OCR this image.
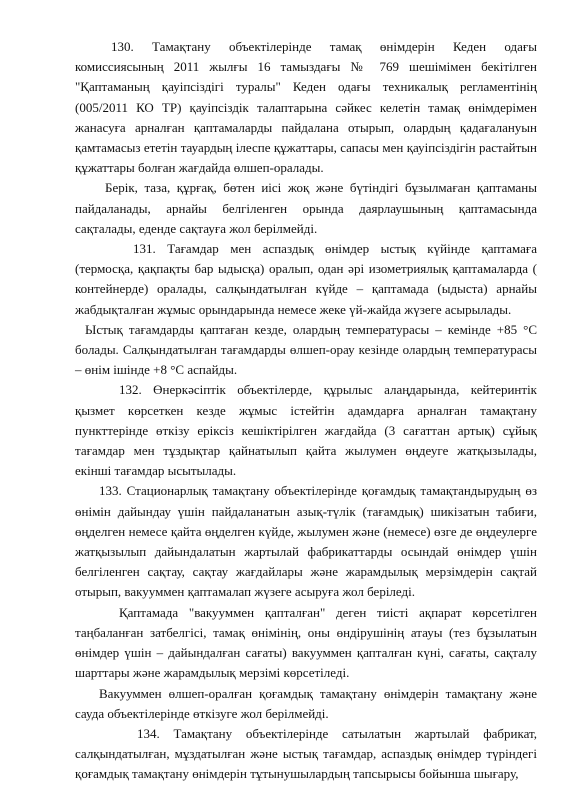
130. Тамақтану объектілерінде тамақ өнімдерін Кеден одағы комиссиясының 2011 жылғы 16 тамыздағы № 769 шешімімен бекітілген "Қаптаманың қауіпсіздігі туралы" Кеден одағы техникалық регламентінің (005/2011 КО ТР) қауіпсіздік талаптарына сәйкес келетін тамақ өнімдерімен жанасуға арналған қаптамаларды пайдалана отырып, олардың қадағалануын қамтамасыз ететін тауардың ілеспе құжаттары, сапасы мен қауіпсіздігін растайтын құжаттары болған жағдайда өлшеп-оралады.

Берік, таза, құрғақ, бөтен иісі жоқ және бүтіндігі бұзылмаған қаптаманы пайдаланады, арнайы белгіленген орында даярлаушының қаптамасында сақталады, еденде сақтауға жол берілмейді.

131. Тағамдар мен аспаздық өнімдер ыстық күйінде қаптамаға (термосқа, қақпақты бар ыдысқа) оралып, одан әрі изометриялық қаптамаларда ( контейнерде) оралады, салқындатылған күйде – қаптамада (ыдыста) арнайы жабдықталған жұмыс орындарында немесе жеке үй-жайда жүзеге асырылады.

Ыстық тағамдарды қаптаған кезде, олардың температурасы – кемінде +85 °С болады. Салқындатылған тағамдарды өлшеп-орау кезінде олардың температурасы – өнім ішінде +8 °С аспайды.

132. Өнеркәсіптік объектілерде, құрылыс алаңдарында, кейтеринтік қызмет көрсеткен кезде жұмыс істейтін адамдарға арналған тамақтану пункттерінде өткізу еріксіз кешіктірілген жағдайда (3 сағаттан артық) сұйық тағамдар мен тұздықтар қайнатылып қайта жылумен өңдеуге жатқызылады, екінші тағамдар ысытылады.

133. Стационарлық тамақтану объектілерінде қоғамдық тамақтандырудың өз өнімін дайындау үшін пайдаланатын азық-түлік (тағамдық) шикізатын табиғи, өңделген немесе қайта өңделген күйде, жылумен және (немесе) өзге де өңдеулерге жатқызылып дайындалатын жартылай фабрикаттарды осындай өнімдер үшін белгіленген сақтау, сақтау жағдайлары және жарамдылық мерзімдерін сақтай отырып, вакууммен қаптамалап жүзеге асыруға жол беріледі.

Қаптамада "вакууммен қапталған" деген тиісті ақпарат көрсетілген таңбаланған затбелгісі, тамақ өнімінің, оны өндірушінің атауы (тез бұзылатын өнімдер үшін – дайындалған сағаты) вакууммен қапталған күні, сағаты, сақталу шарттары және жарамдылық мерзімі көрсетіледі.

Вакууммен өлшеп-оралған қоғамдық тамақтану өнімдерін тамақтану және сауда объектілерінде өткізуге жол берілмейді.

134. Тамақтану объектілерінде сатылатын жартылай фабрикат, салқындатылған, мұздатылған және ыстық тағамдар, аспаздық өнімдер түріндегі қоғамдық тамақтану өнімдерін тұтынушылардың тапсырысы бойынша шығару,
